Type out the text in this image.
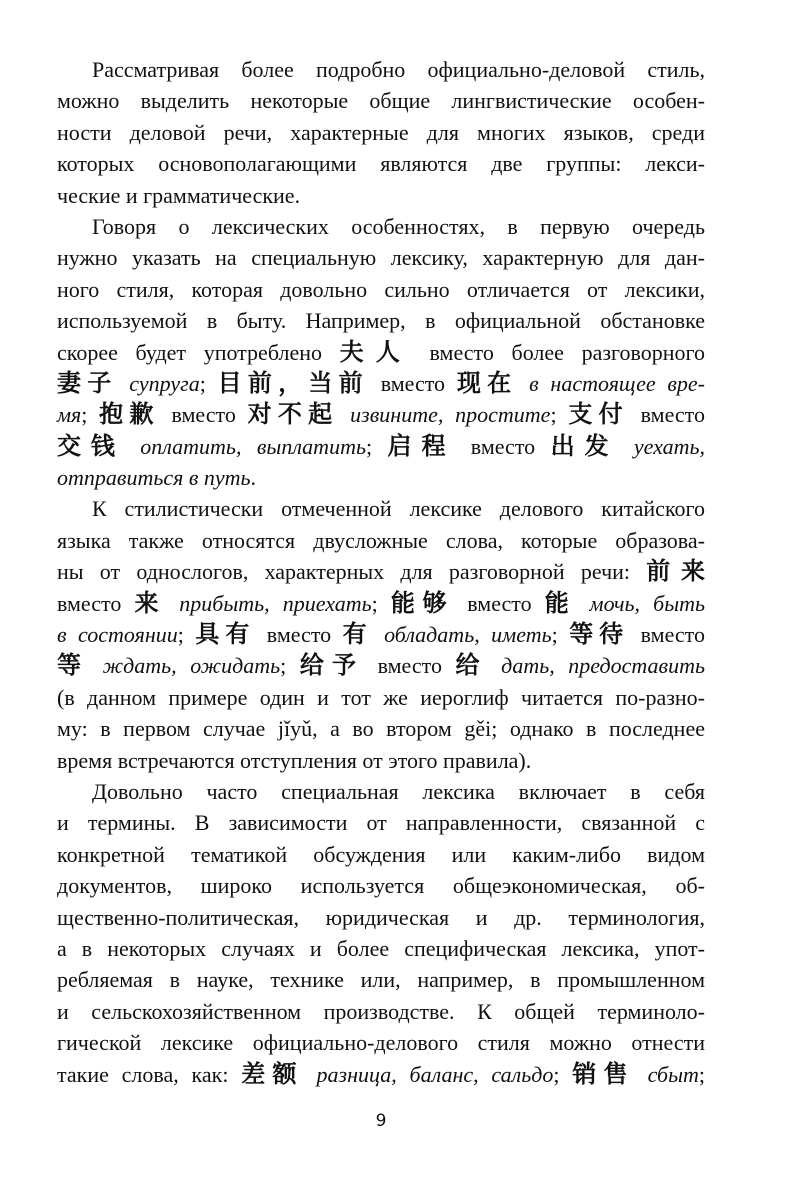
Рассматривая более подробно официально-деловой стиль,
можно выделить некоторые общие лингвистические особен-
ности деловой речи, характерные для многих языков, среди
которых основополагающими являются две группы: лекси-
ческие и грамматические.
Говоря о лексических особенностях, в первую очередь
нужно указать на специальную лексику, характерную для дан-
ного стиля, которая довольно сильно отличается от лексики,
используемой в быту. Например, в официальной обстановке
скорее будет употреблено 夫人 вместо более разговорного
妻子 супруга; 目前，当前 вместо 现在 в настоящее вре-
мя; 抱歉 вместо 对不起 извините, простите; 支付 вместо
交钱 оплатить, выплатить; 启程 вместо 出发 уехать,
отправиться в путь.
К стилистически отмеченной лексике делового китайского
языка также относятся двусложные слова, которые образова-
ны от однослогов, характерных для разговорной речи: 前来
вместо 来 прибыть, приехать; 能够 вместо 能 мочь, быть
в состоянии; 具有 вместо 有 обладать, иметь; 等待 вместо
等 ждать, ожидать; 给予 вместо 给 дать, предоставить
(в данном примере один и тот же иероглиф читается по-разно-
му: в первом случае jǐyǔ, а во втором gěi; однако в последнее
время встречаются отступления от этого правила).
Довольно часто специальная лексика включает в себя
и термины. В зависимости от направленности, связанной с
конкретной тематикой обсуждения или каким-либо видом
документов, широко используется общеэкономическая, об-
щественно-политическая, юридическая и др. терминология,
а в некоторых случаях и более специфическая лексика, упот-
ребляемая в науке, технике или, например, в промышленном
и сельскохозяйственном производстве. К общей терминоло-
гической лексике официально-делового стиля можно отнести
такие слова, как: 差额 разница, баланс, сальдо; 销售 сбыт;
9
